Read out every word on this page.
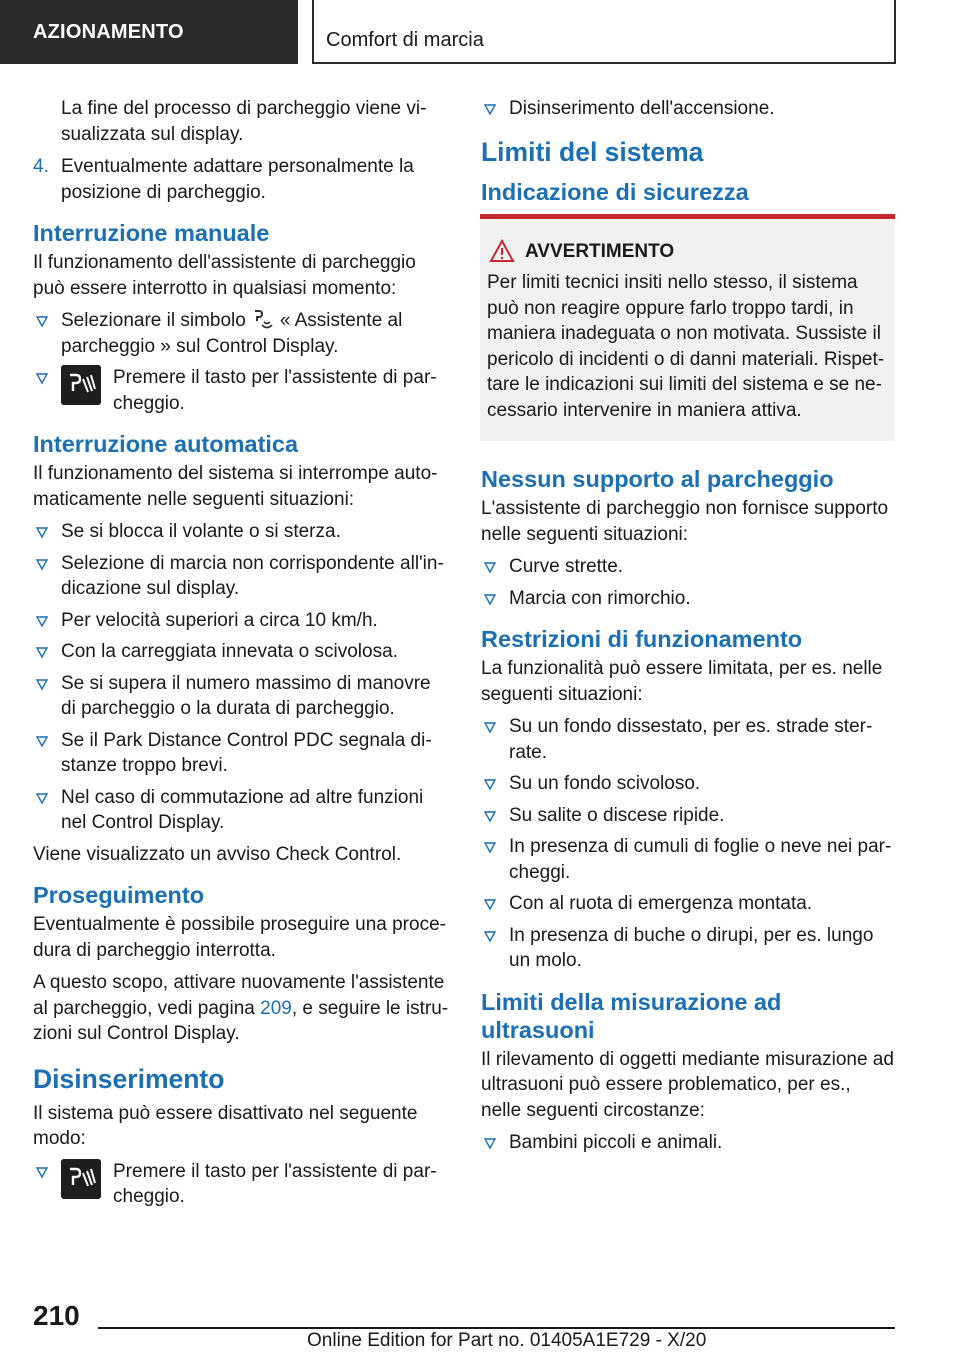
AZIONAMENTO	Comfort di marcia

La fine del processo di parcheggio viene visualizzata sul display.

4. Eventualmente adattare personalmente la posizione di parcheggio.
Interruzione manuale

Il funzionamento dell'assistente di parcheggio può essere interrotto in qualsiasi momento:

Selezionare il simbolo « Assistente al parcheggio » sul Control Display.
Premere il tasto per l'assistente di parcheggio.
Interruzione automatica

Il funzionamento del sistema si interrompe automaticamente nelle seguenti situazioni:

Se si blocca il volante o si sterza.
Selezione di marcia non corrispondente all'indicazione sul display.
Per velocità superiori a circa 10 km/h.
Con la carreggiata innevata o scivolosa.
Se si supera il numero massimo di manovre di parcheggio o la durata di parcheggio.
Se il Park Distance Control PDC segnala distanze troppo brevi.
Nel caso di commutazione ad altre funzioni nel Control Display.

Viene visualizzato un avviso Check Control.

Proseguimento

Eventualmente è possibile proseguire una procedura di parcheggio interrotta.

A questo scopo, attivare nuovamente l'assistente al parcheggio, vedi pagina 209, e seguire le istruzioni sul Control Display.

Disinserimento

Il sistema può essere disattivato nel seguente modo:

Premere il tasto per l'assistente di parcheggio.
Disinserimento dell'accensione.
Limiti del sistema
Indicazione di sicurezza
AVVERTIMENTO
Per limiti tecnici insiti nello stesso, il sistema può non reagire oppure farlo troppo tardi, in maniera inadeguata o non motivata. Sussiste il pericolo di incidenti o di danni materiali. Rispettare le indicazioni sui limiti del sistema e se necessario intervenire in maniera attiva.
Nessun supporto al parcheggio

L'assistente di parcheggio non fornisce supporto nelle seguenti situazioni:

Curve strette.
Marcia con rimorchio.
Restrizioni di funzionamento

La funzionalità può essere limitata, per es. nelle seguenti situazioni:

Su un fondo dissestato, per es. strade sterrate.
Su un fondo scivoloso.
Su salite o discese ripide.
In presenza di cumuli di foglie o neve nei parcheggi.
Con al ruota di emergenza montata.
In presenza di buche o dirupi, per es. lungo un molo.
Limiti della misurazione ad ultrasuoni

Il rilevamento di oggetti mediante misurazione ad ultrasuoni può essere problematico, per es., nelle seguenti circostanze:

Bambini piccoli e animali.
210
Online Edition for Part no. 01405A1E729 - X/20
